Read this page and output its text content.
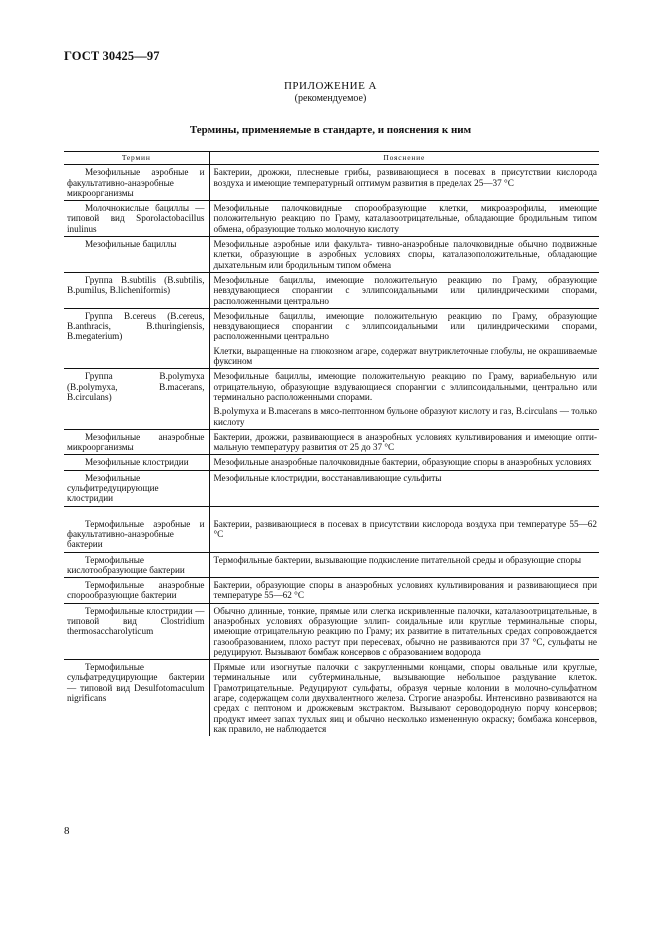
ГОСТ 30425—97
ПРИЛОЖЕНИЕ А
(рекомендуемое)
Термины, применяемые в стандарте, и пояснения к ним
Термин	Пояснение
Мезофильные аэробные и факультативно-анаэробные микроорганизмы	Бактерии, дрожжи, плесневые грибы, развивающиеся в посевах в присутствии кислорода воздуха и имеющие температурный оптимум развития в пределах 25—37 °С
Молочнокислые бациллы — типовой вид Sporolactobacillus inulinus	Мезофильные палочковидные спорообразующие клетки, микроаэрофилы, имеющие положительную реакцию по Граму, каталазоотрицательные, обладающие бродильным типом обмена, образующие только молочную кислоту
Мезофильные бациллы	Мезофильные аэробные или факульта- тивно-анаэробные палочковидные обычно подвижные клетки, образующие в аэробных условиях споры, каталазоположительные, обладающие дыхательным или бродильным типом обмена
Группа B.subtilis (B.subtilis, B.pumilus, B.licheniformis)	Мезофильные бациллы, имеющие положительную реакцию по Граму, образующие невздувающиеся спорангии с эллипсоидальными или цилиндрическими спорами, расположенными центрально
Группа B.cereus (B.cereus, B.anthracis, B.thuringiensis, B.megaterium)	Мезофильные бациллы, имеющие положительную реакцию по Граму, образующие невздувающиеся спорангии с эллипсоидальными или цилиндрическими спорами, расположенными центрально
	Клетки, выращенные на глюкозном агаре, содержат внутриклеточные глобулы, не окрашиваемые фуксином
Группа B.polymyxa (B.polymyxa, B.macerans, B.circulans)	Мезофильные бациллы, имеющие положительную реакцию по Граму, вариабельную или отрицательную, образующие вздувающиеся спорангии с эллипсоидальными, центрально или терминально расположенными спорами.
	B.polymyxa и B.macerans в мясо-пептонном бульоне образуют кислоту и газ, B.circulans — только кислоту
Мезофильные анаэробные микроорганизмы	Бактерии, дрожжи, развивающиеся в анаэробных условиях культивирования и имеющие опти- мальную температуру развития от 25 до 37 °С
Мезофильные клостридии	Мезофильные анаэробные палочковидные бактерии, образующие споры в анаэробных условиях
Мезофильные сульфитредуцирующие клостридии	Мезофильные клостридии, восстанавливающие сульфиты
Термофильные аэробные и факультативно-анаэробные бактерии	Бактерии, развивающиеся в посевах в присутствии кислорода воздуха при температуре 55—62 °С
Термофильные кислотообразующие бактерии	Термофильные бактерии, вызывающие подкисление питательной среды и образующие споры
Термофильные анаэробные спорообразующие бактерии	Бактерии, образующие споры в анаэробных условиях культивирования и развивающиеся при температуре 55—62 °С
Термофильные клостридии — типовой вид Clostridium thermosaccharolyticum	Обычно длинные, тонкие, прямые или слегка искривленные палочки, каталазоотрицательные, в анаэробных условиях образующие эллип- соидальные или круглые терминальные споры, имеющие отрицательную реакцию по Граму; их развитие в питательных средах сопровождается газообразованием, плохо растут при пересевах, обычно не развиваются при 37 °С, сульфаты не редуцируют. Вызывают бомбаж консервов с образованием водорода
Термофильные сульфатредуцирующие бактерии — типовой вид Desulfotomaculum nigrificans	Прямые или изогнутые палочки с закругленными концами, споры овальные или круглые, терминальные или субтерминальные, вызывающие небольшое раздувание клеток. Грамотрицательные. Редуцируют сульфаты, образуя черные колонии в молочно-сульфатном агаре, содержащем соли двухвалентного железа. Строгие анаэробы. Интенсивно развиваются на средах с пептоном и дрожжевым экстрактом. Вызывают сероводородную порчу консервов; продукт имеет запах тухлых яиц и обычно несколько измененную окраску; бомбажа консервов, как правило, не наблюдается
8
